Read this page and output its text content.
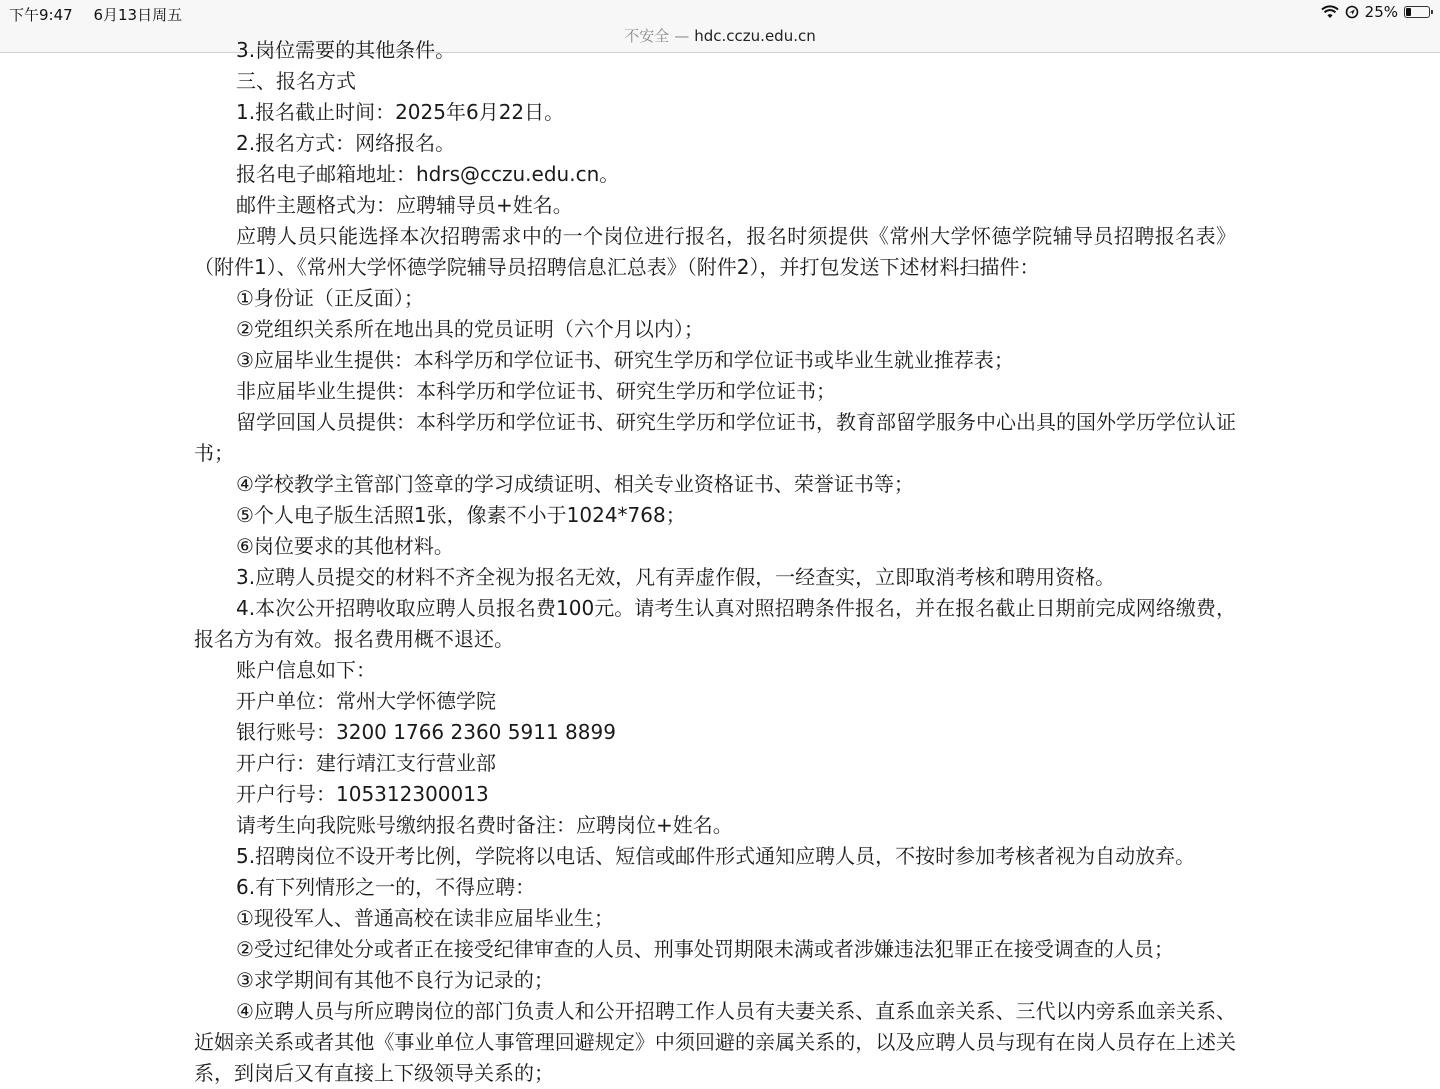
下午9:47 6月13日周五	25%
不安全 — hdc.cczu.edu.cn

3.岗位需要的其他条件。

三、报名方式

1.报名截止时间：2025年6月22日。

2.报名方式：网络报名。

报名电子邮箱地址：hdrs@cczu.edu.cn。

邮件主题格式为：应聘辅导员+姓名。

应聘人员只能选择本次招聘需求中的一个岗位进行报名，报名时须提供《常州大学怀德学院辅导员招聘报名表》（附件1）、《常州大学怀德学院辅导员招聘信息汇总表》（附件2），并打包发送下述材料扫描件：

①身份证（正反面）；

②党组织关系所在地出具的党员证明（六个月以内）；

③应届毕业生提供：本科学历和学位证书、研究生学历和学位证书或毕业生就业推荐表；

非应届毕业生提供：本科学历和学位证书、研究生学历和学位证书；

留学回国人员提供：本科学历和学位证书、研究生学历和学位证书，教育部留学服务中心出具的国外学历学位认证书；

④学校教学主管部门签章的学习成绩证明、相关专业资格证书、荣誉证书等；

⑤个人电子版生活照1张，像素不小于1024*768；

⑥岗位要求的其他材料。

3.应聘人员提交的材料不齐全视为报名无效，凡有弄虚作假，一经查实，立即取消考核和聘用资格。

4.本次公开招聘收取应聘人员报名费100元。请考生认真对照招聘条件报名，并在报名截止日期前完成网络缴费，报名方为有效。报名费用概不退还。

账户信息如下：

开户单位：常州大学怀德学院

银行账号：3200 1766 2360 5911 8899

开户行：建行靖江支行营业部

开户行号：105312300013

请考生向我院账号缴纳报名费时备注：应聘岗位+姓名。

5.招聘岗位不设开考比例，学院将以电话、短信或邮件形式通知应聘人员，不按时参加考核者视为自动放弃。

6.有下列情形之一的，不得应聘：

①现役军人、普通高校在读非应届毕业生；

②受过纪律处分或者正在接受纪律审查的人员、刑事处罚期限未满或者涉嫌违法犯罪正在接受调查的人员；

③求学期间有其他不良行为记录的；

④应聘人员与所应聘岗位的部门负责人和公开招聘工作人员有夫妻关系、直系血亲关系、三代以内旁系血亲关系、近姻亲关系或者其他《事业单位人事管理回避规定》中须回避的亲属关系的，以及应聘人员与现有在岗人员存在上述关系，到岗后又有直接上下级领导关系的；
